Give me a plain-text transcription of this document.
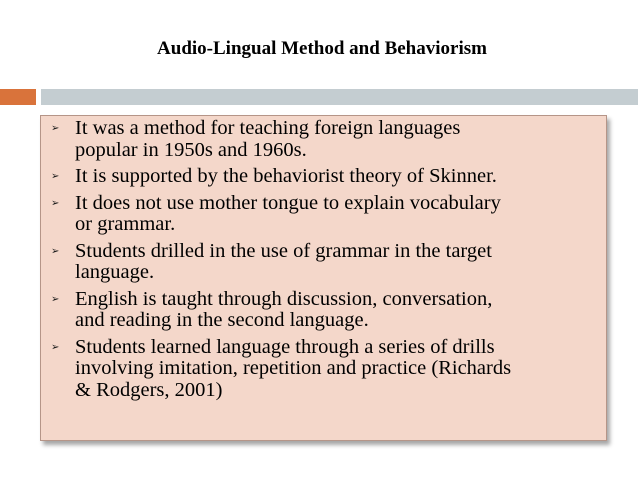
Audio-Lingual Method and Behaviorism
➢ It was a method for teaching foreign languages
popular in 1950s and 1960s.
➢ It is supported by the behaviorist theory of Skinner.
➢ It does not use mother tongue to explain vocabulary
or grammar.
➢ Students drilled in the use of grammar in the target
language.
➢ English is taught through discussion, conversation,
and reading in the second language.
➢ Students learned language through a series of drills
involving imitation, repetition and practice (Richards
& Rodgers, 2001)
